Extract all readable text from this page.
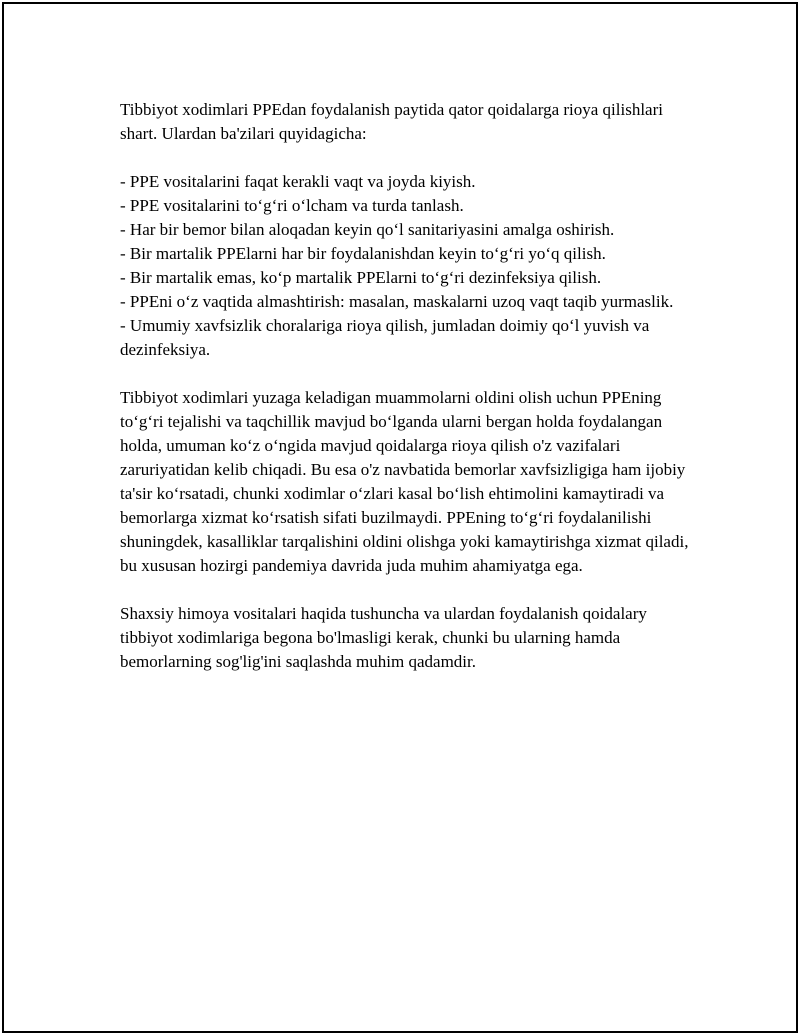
Tibbiyot xodimlari PPEdan foydalanish paytida qator qoidalarga rioya qilishlari shart. Ulardan ba'zilari quyidagicha:

- PPE vositalarini faqat kerakli vaqt va joyda kiyish.
- PPE vositalarini toʻgʻri oʻlcham va turda tanlash.
- Har bir bemor bilan aloqadan keyin qoʻl sanitariyasini amalga oshirish.
- Bir martalik PPElarni har bir foydalanishdan keyin toʻgʻri yoʻq qilish.
- Bir martalik emas, koʻp martalik PPElarni toʻgʻri dezinfeksiya qilish.
- PPEni oʻz vaqtida almashtirish: masalan, maskalarni uzoq vaqt taqib yurmaslik.
- Umumiy xavfsizlik choralariga rioya qilish, jumladan doimiy qoʻl yuvish va dezinfeksiya.

Tibbiyot xodimlari yuzaga keladigan muammolarni oldini olish uchun PPEning toʻgʻri tejalishi va taqchillik mavjud boʻlganda ularni bergan holda foydalangan holda, umuman koʻz oʻngida mavjud qoidalarga rioya qilish o'z vazifalari zaruriyatidan kelib chiqadi. Bu esa o'z navbatida bemorlar xavfsizligiga ham ijobiy ta'sir koʻrsatadi, chunki xodimlar oʻzlari kasal boʻlish ehtimolini kamaytiradi va bemorlarga xizmat koʻrsatish sifati buzilmaydi. PPEning toʻgʻri foydalanilishi shuningdek, kasalliklar tarqalishini oldini olishga yoki kamaytirishga xizmat qiladi, bu xususan hozirgi pandemiya davrida juda muhim ahamiyatga ega.

Shaxsiy himoya vositalari haqida tushuncha va ulardan foydalanish qoidalary tibbiyot xodimlariga begona bo'lmasligi kerak, chunki bu ularning hamda bemorlarning sog'lig'ini saqlashda muhim qadamdir.
